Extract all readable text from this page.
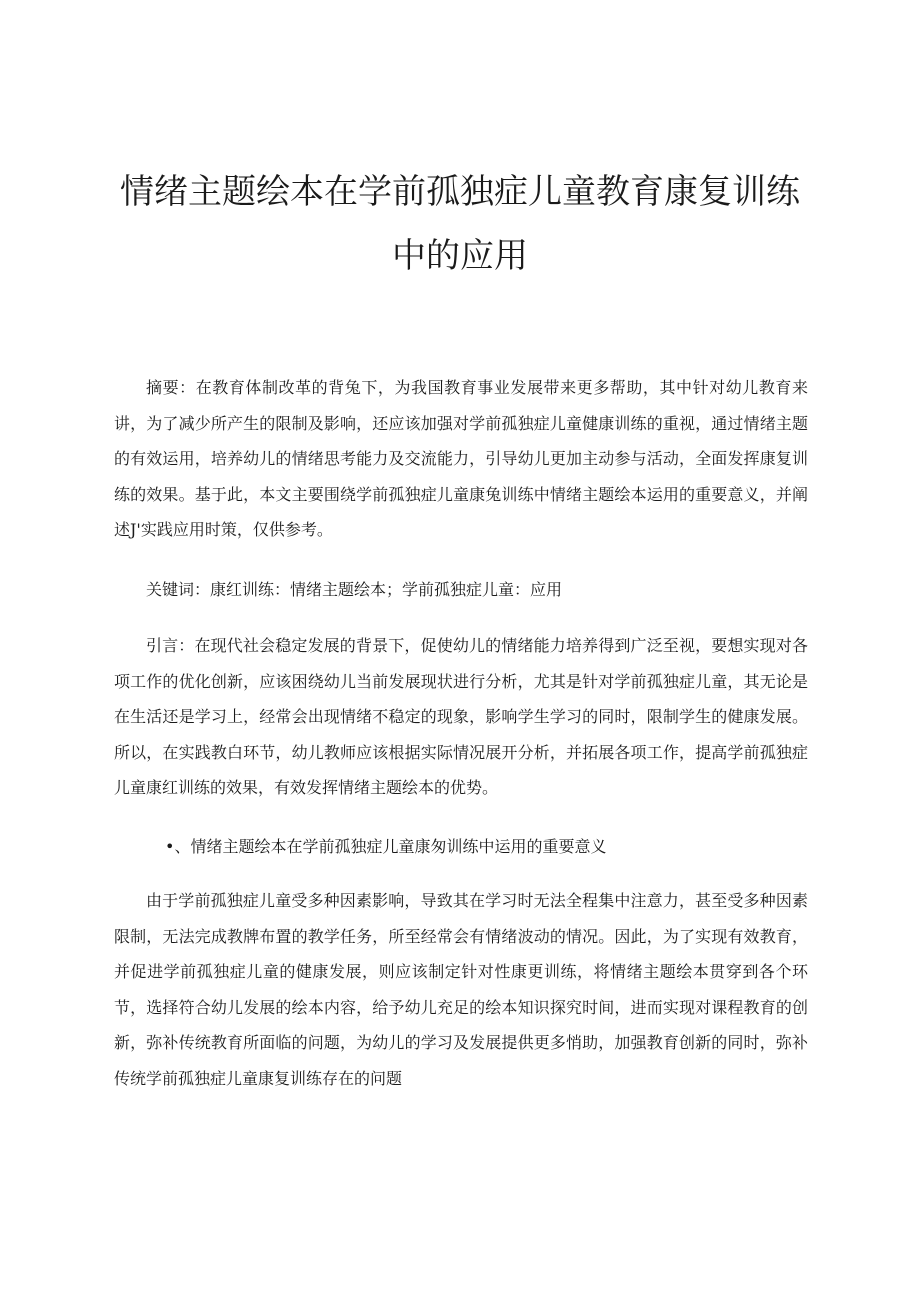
情绪主题绘本在学前孤独症儿童教育康复训练
中的应用

摘要：在教育体制改革的背兔下，为我国教育事业发展带来更多帮助，其中针对幼儿教育来讲，为了减少所产生的限制及影响，还应该加强对学前孤独症儿童健康训练的重视，通过情绪主题的有效运用，培养幼儿的情绪思考能力及交流能力，引导幼儿更加主动参与活动，全面发挥康复训练的效果。基于此，本文主要围绕学前孤独症儿童康兔训练中情绪主题绘本运用的重要意义，并阐述J'实践应用时策，仅供参考。

关键词：康红训练：情绪主题绘本；学前孤独症儿童：应用

引言：在现代社会稳定发展的背景下，促使幼儿的情绪能力培养得到广泛至视，要想实现对各项工作的优化创新，应该困绕幼儿当前发展现状进行分析，尤其是针对学前孤独症儿童，其无论是在生活还是学习上，经常会出现情绪不稳定的现象，影响学生学习的同时，限制学生的健康发展。所以，在实践教白环节，幼儿教师应该根据实际情况展开分析，并拓展各项工作，提高学前孤独症儿童康红训练的效果，有效发挥情绪主题绘本的优势。

•、情绪主题绘本在学前孤独症儿童康匆训练中运用的重要意义

由于学前孤独症儿童受多种因素影响，导致其在学习时无法全程集中注意力，甚至受多种因素限制，无法完成教牌布置的教学任务，所至经常会有情绪波动的情况。因此，为了实现有效教育，并促进学前孤独症儿童的健康发展，则应该制定针对性康更训练，将情绪主题绘本贯穿到各个环节，选择符合幼儿发展的绘本内容，给予幼儿充足的绘本知识探究时间，进而实现对课程教育的创新，弥补传统教育所面临的问题，为幼儿的学习及发展提供更多悄助，加强教育创新的同时，弥补传统学前孤独症儿童康复训练存在的问题
